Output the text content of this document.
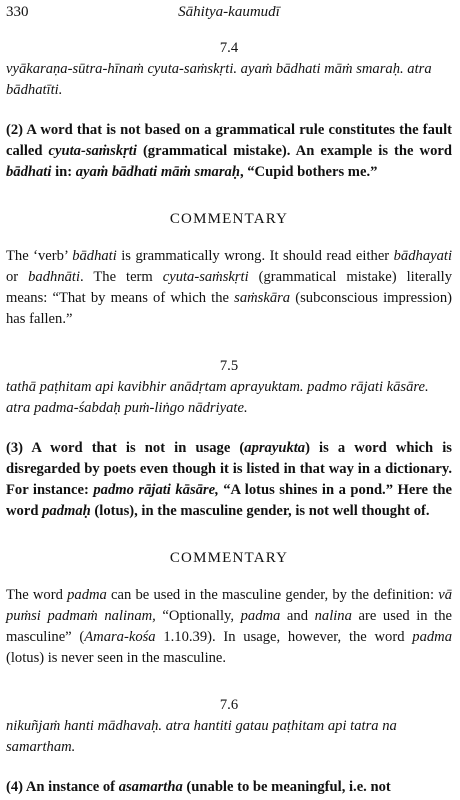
330	Sāhitya-kaumudī

7.4

vyākaraṇa-sūtra-hīnaṁ cyuta-saṁskṛti. ayaṁ bādhati māṁ smaraḥ. atra bādhatīti.

(2) A word that is not based on a grammatical rule constitutes the fault called cyuta-saṁskṛti (grammatical mistake). An example is the word bādhati in: ayaṁ bādhati māṁ smaraḥ, “Cupid bothers me.”

COMMENTARY

The ‘verb’ bādhati is grammatically wrong. It should read either bādhayati or badhnāti. The term cyuta-saṁskṛti (grammatical mistake) literally means: “That by means of which the saṁskāra (subconscious impression) has fallen.”

7.5

tathā paṭhitam api kavibhir anādṛtam aprayuktam. padmo rājati kāsāre. atra padma-śabdaḥ puṁ-liṅgo nādriyate.

(3) A word that is not in usage (aprayukta) is a word which is disregarded by poets even though it is listed in that way in a dictionary. For instance: padmo rājati kāsāre, “A lotus shines in a pond.” Here the word padmaḥ (lotus), in the masculine gender, is not well thought of.

COMMENTARY

The word padma can be used in the masculine gender, by the definition: vā puṁsi padmaṁ nalinam, “Optionally, padma and nalina are used in the masculine” (Amara-kośa 1.10.39). In usage, however, the word padma (lotus) is never seen in the masculine.

7.6

nikuñjaṁ hanti mādhavaḥ. atra hantiti gatau paṭhitam api tatra na samartham.

(4) An instance of asamartha (unable to be meaningful, i.e. not
